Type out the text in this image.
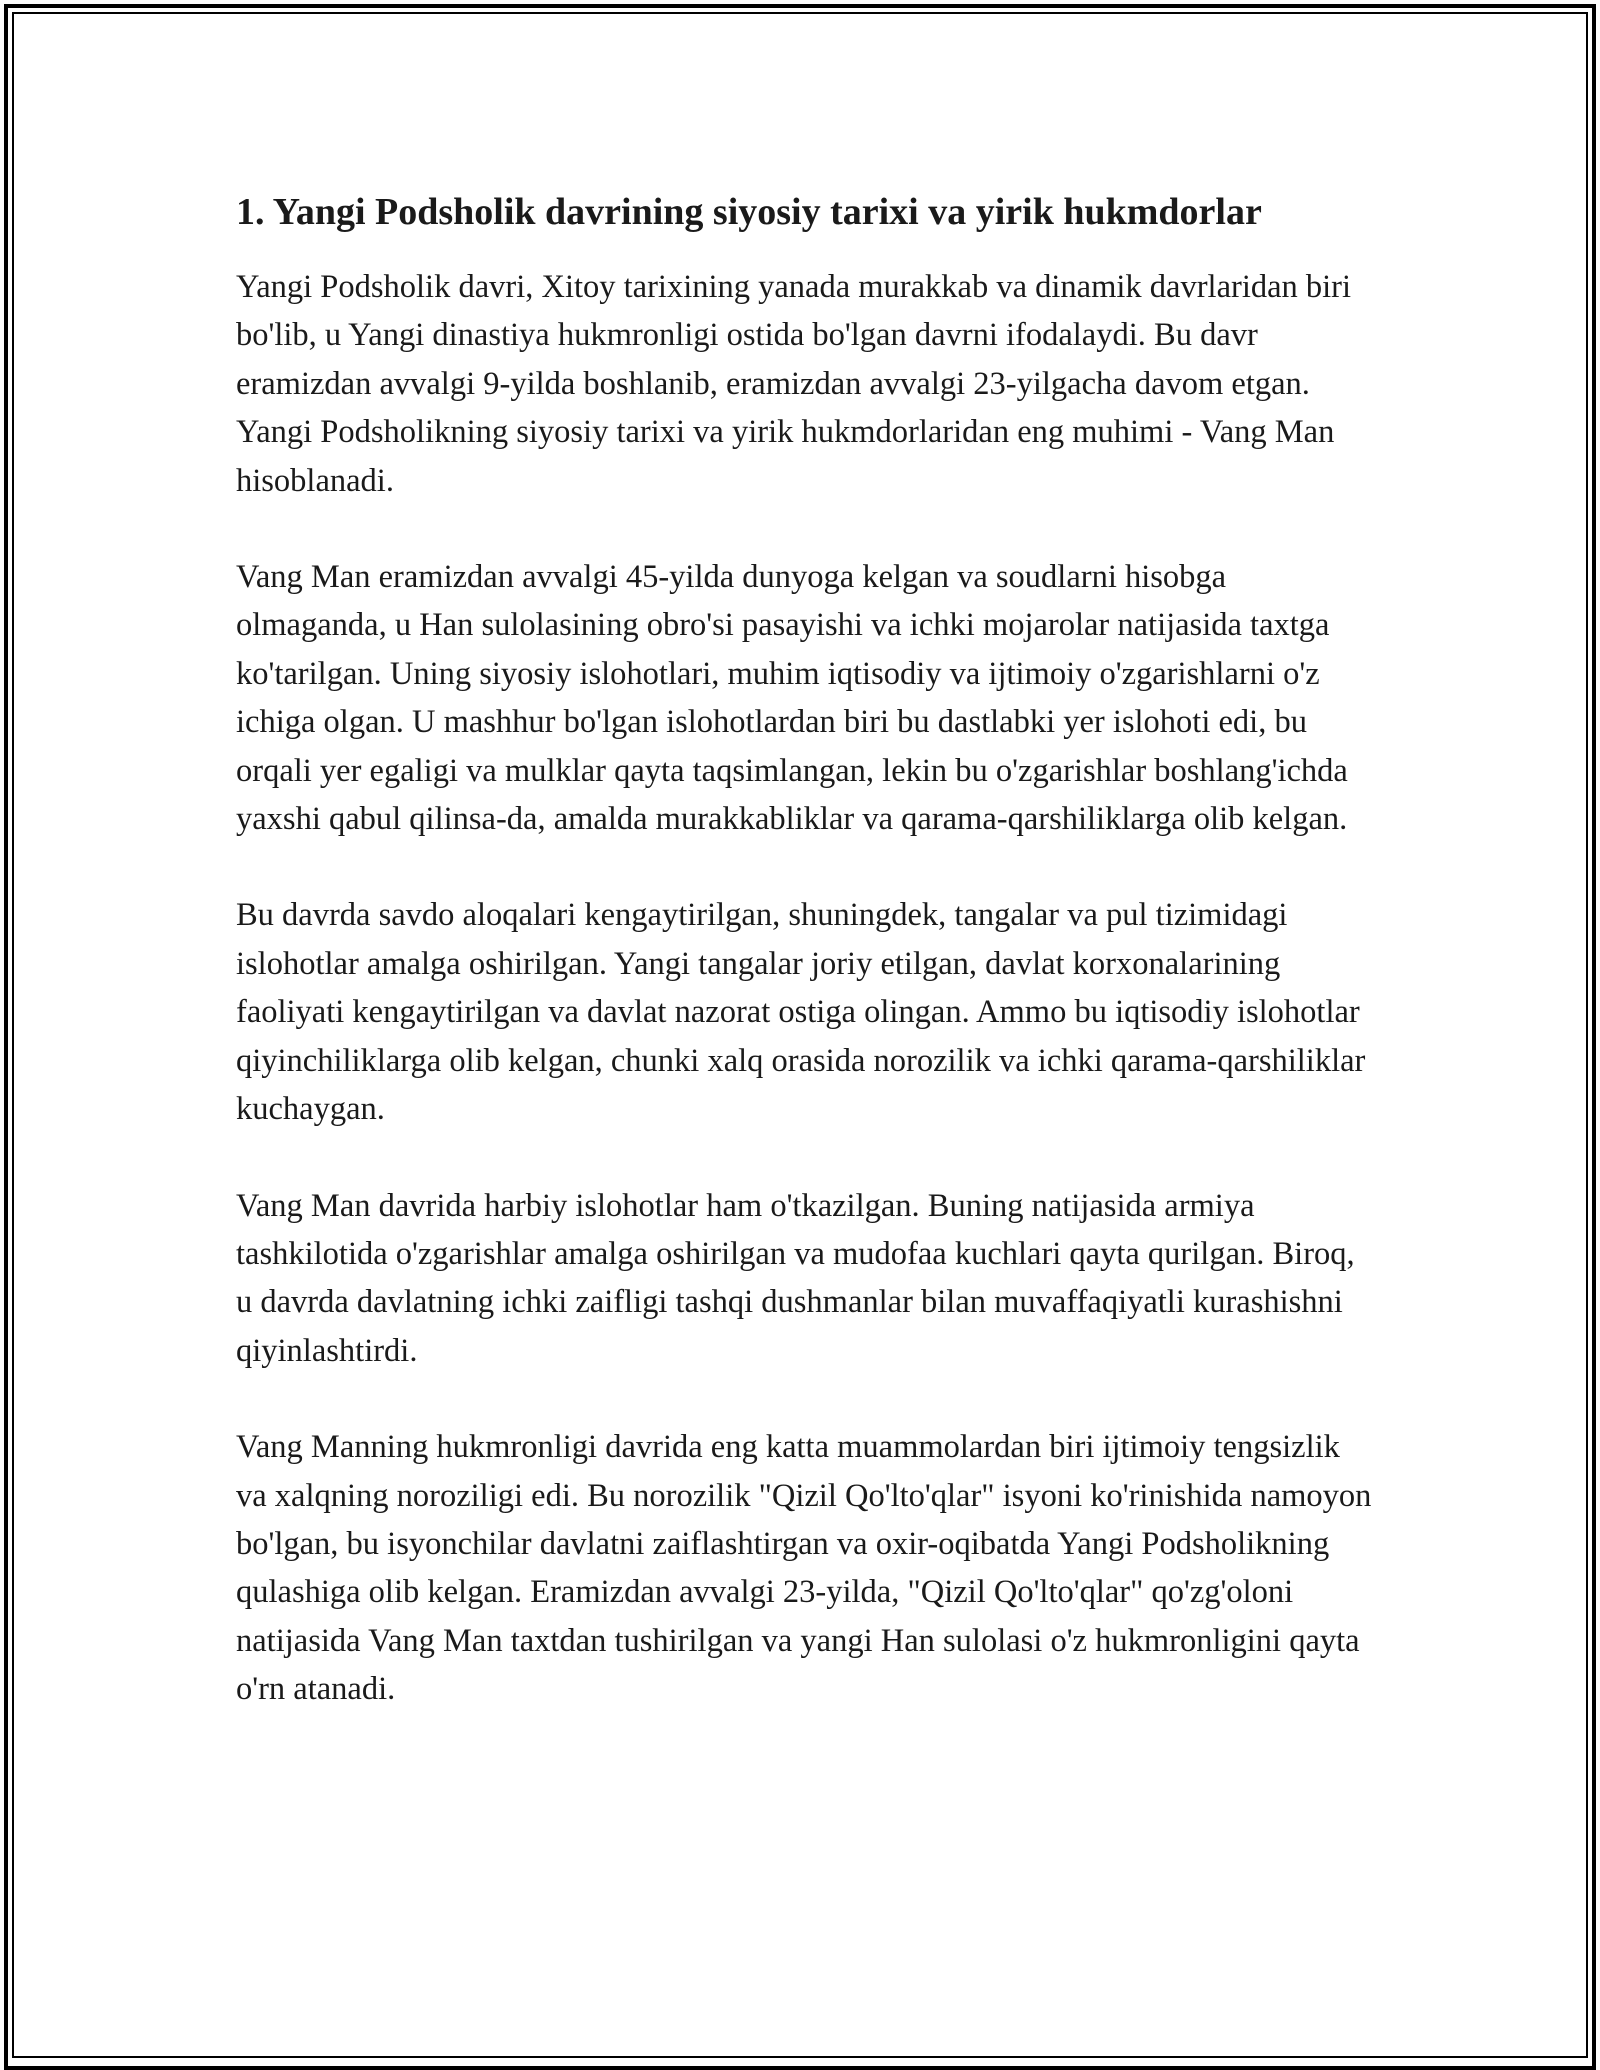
1. Yangi Podsholik davrining siyosiy tarixi va yirik hukmdorlar

Yangi Podsholik davri, Xitoy tarixining yanada murakkab va dinamik davrlaridan biri bo'lib, u Yangi dinastiya hukmronligi ostida bo'lgan davrni ifodalaydi. Bu davr eramizdan avvalgi 9-yilda boshlanib, eramizdan avvalgi 23-yilgacha davom etgan. Yangi Podsholikning siyosiy tarixi va yirik hukmdorlaridan eng muhimi - Vang Man hisoblanadi.

Vang Man eramizdan avvalgi 45-yilda dunyoga kelgan va soudlarni hisobga olmaganda, u Han sulolasining obro'si pasayishi va ichki mojarolar natijasida taxtga ko'tarilgan. Uning siyosiy islohotlari, muhim iqtisodiy va ijtimoiy o'zgarishlarni o'z ichiga olgan. U mashhur bo'lgan islohotlardan biri bu dastlabki yer islohoti edi, bu orqali yer egaligi va mulklar qayta taqsimlangan, lekin bu o'zgarishlar boshlang'ichda yaxshi qabul qilinsa-da, amalda murakkabliklar va qarama-qarshiliklarga olib kelgan.

Bu davrda savdo aloqalari kengaytirilgan, shuningdek, tangalar va pul tizimidagi islohotlar amalga oshirilgan. Yangi tangalar joriy etilgan, davlat korxonalarining faoliyati kengaytirilgan va davlat nazorat ostiga olingan. Ammo bu iqtisodiy islohotlar qiyinchiliklarga olib kelgan, chunki xalq orasida norozilik va ichki qarama-qarshiliklar kuchaygan.

Vang Man davrida harbiy islohotlar ham o'tkazilgan. Buning natijasida armiya tashkilotida o'zgarishlar amalga oshirilgan va mudofaa kuchlari qayta qurilgan. Biroq, u davrda davlatning ichki zaifligi tashqi dushmanlar bilan muvaffaqiyatli kurashishni qiyinlashtirdi.

Vang Manning hukmronligi davrida eng katta muammolardan biri ijtimoiy tengsizlik va xalqning noroziligi edi. Bu norozilik "Qizil Qo'lto'qlar" isyoni ko'rinishida namoyon bo'lgan, bu isyonchilar davlatni zaiflashtirgan va oxir-oqibatda Yangi Podsholikning qulashiga olib kelgan. Eramizdan avvalgi 23-yilda, "Qizil Qo'lto'qlar" qo'zg'oloni natijasida Vang Man taxtdan tushirilgan va yangi Han sulolasi o'z hukmronligini qayta o'rn atanadi.
